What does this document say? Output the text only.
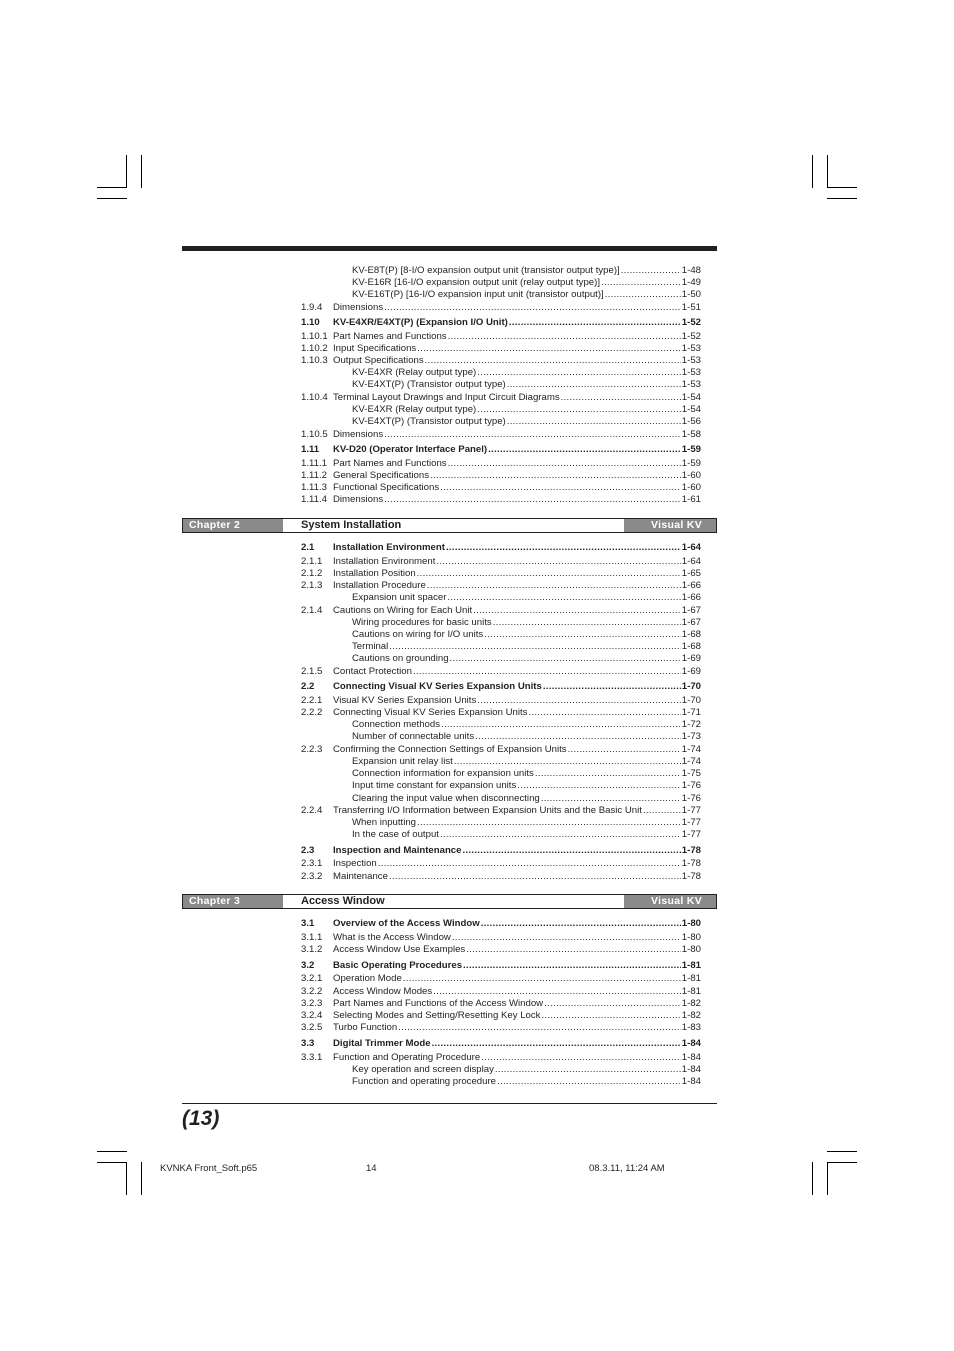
KV-E8T(P) [8-I/O expansion output unit (transistor output type)] .....	1-48
KV-E16R [16-I/O expansion output unit (relay output type)] .....	1-49
KV-E16T(P) [16-I/O expansion input unit (transistor output)] .....	1-50
1.9.4	Dimensions .....	1-51
1.10	KV-E4XR/E4XT(P) (Expansion I/O Unit) .....	1-52
1.10.1 Part Names and Functions .....	1-52
1.10.2 Input Specifications .....	1-53
1.10.3 Output Specifications .....	1-53
KV-E4XR (Relay output type) .....	1-53
KV-E4XT(P) (Transistor output type) .....	1-53
1.10.4 Terminal Layout Drawings and Input Circuit Diagrams .....	1-54
KV-E4XR (Relay output type) .....	1-54
KV-E4XT(P) (Transistor output type) .....	1-56
1.10.5 Dimensions .....	1-58
1.11	KV-D20 (Operator Interface Panel) .....	1-59
1.11.1 Part Names and Functions .....	1-59
1.11.2 General Specifications .....	1-60
1.11.3 Functional Specifications .....	1-60
1.11.4 Dimensions .....	1-61
Chapter 2	System Installation	Visual KV
2.1	Installation Environment .....	1-64
2.1.1	Installation Environment .....	1-64
2.1.2	Installation Position .....	1-65
2.1.3	Installation Procedure .....	1-66
Expansion unit spacer .....	1-66
2.1.4	Cautions on Wiring for Each Unit .....	1-67
Wiring procedures for basic units .....	1-67
Cautions on wiring for I/O units .....	1-68
Terminal .....	1-68
Cautions on grounding .....	1-69
2.1.5	Contact Protection .....	1-69
2.2	Connecting Visual KV Series Expansion Units .....	1-70
2.2.1	Visual KV Series Expansion Units .....	1-70
2.2.2	Connecting Visual KV Series Expansion Units .....	1-71
Connection methods .....	1-72
Number of connectable units .....	1-73
2.2.3	Confirming the Connection Settings of Expansion Units .....	1-74
Expansion unit relay list .....	1-74
Connection information for expansion units .....	1-75
Input time constant for expansion units .....	1-76
Clearing the input value when disconnecting .....	1-76
2.2.4	Transferring I/O Information between Expansion Units and the Basic Unit .....	1-77
When inputting .....	1-77
In the case of output .....	1-77
2.3	Inspection and Maintenance .....	1-78
2.3.1	Inspection .....	1-78
2.3.2	Maintenance .....	1-78
Chapter 3	Access Window	Visual KV
3.1	Overview of the Access Window .....	1-80
3.1.1	What is the Access Window .....	1-80
3.1.2	Access Window Use Examples .....	1-80
3.2	Basic Operating Procedures .....	1-81
3.2.1	Operation Mode .....	1-81
3.2.2	Access Window Modes .....	1-81
3.2.3	Part Names and Functions of the Access Window .....	1-82
3.2.4	Selecting Modes and Setting/Resetting Key Lock .....	1-82
3.2.5	Turbo Function .....	1-83
3.3	Digital Trimmer Mode .....	1-84
3.3.1	Function and Operating Procedure .....	1-84
Key operation and screen display .....	1-84
Function and operating procedure .....	1-84
(13)
KVNKA Front_Soft.p65	14	08.3.11, 11:24 AM
